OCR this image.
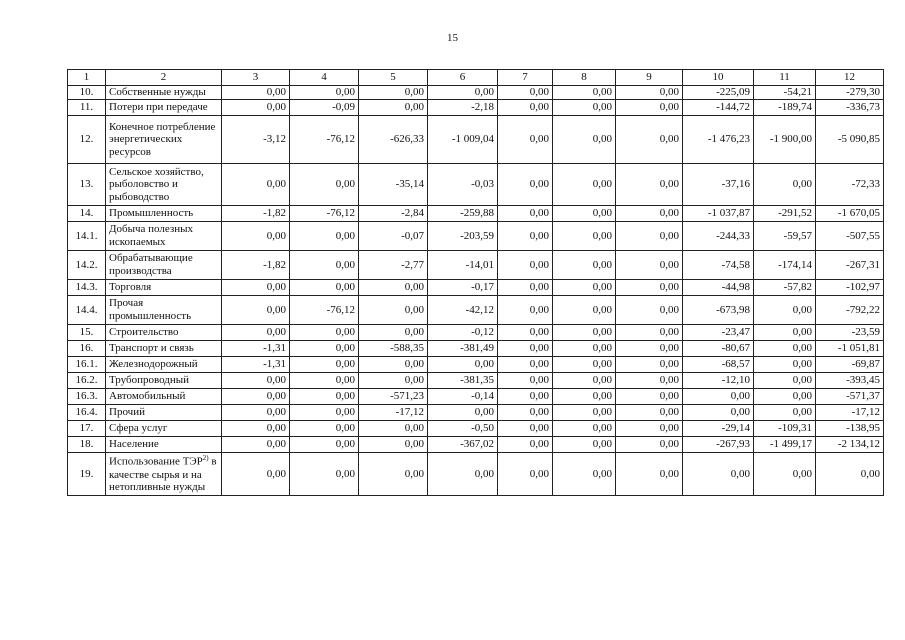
15
1	2	3	4	5	6	7	8	9	10	11	12
10.	Собственные нужды	0,00	0,00	0,00	0,00	0,00	0,00	0,00	-225,09	-54,21	-279,30
11.	Потери при передаче	0,00	-0,09	0,00	-2,18	0,00	0,00	0,00	-144,72	-189,74	-336,73
12.	Конечное потребление энергетических ресурсов	-3,12	-76,12	-626,33	-1 009,04	0,00	0,00	0,00	-1 476,23	-1 900,00	-5 090,85
13.	Сельское хозяйство, рыболовство и рыбоводство	0,00	0,00	-35,14	-0,03	0,00	0,00	0,00	-37,16	0,00	-72,33
14.	Промышленность	-1,82	-76,12	-2,84	-259,88	0,00	0,00	0,00	-1 037,87	-291,52	-1 670,05
14.1.	Добыча полезных ископаемых	0,00	0,00	-0,07	-203,59	0,00	0,00	0,00	-244,33	-59,57	-507,55
14.2.	Обрабатывающие производства	-1,82	0,00	-2,77	-14,01	0,00	0,00	0,00	-74,58	-174,14	-267,31
14.3.	Торговля	0,00	0,00	0,00	-0,17	0,00	0,00	0,00	-44,98	-57,82	-102,97
14.4.	Прочая промышленность	0,00	-76,12	0,00	-42,12	0,00	0,00	0,00	-673,98	0,00	-792,22
15.	Строительство	0,00	0,00	0,00	-0,12	0,00	0,00	0,00	-23,47	0,00	-23,59
16.	Транспорт и связь	-1,31	0,00	-588,35	-381,49	0,00	0,00	0,00	-80,67	0,00	-1 051,81
16.1.	Железнодорожный	-1,31	0,00	0,00	0,00	0,00	0,00	0,00	-68,57	0,00	-69,87
16.2.	Трубопроводный	0,00	0,00	0,00	-381,35	0,00	0,00	0,00	-12,10	0,00	-393,45
16.3.	Автомобильный	0,00	0,00	-571,23	-0,14	0,00	0,00	0,00	0,00	0,00	-571,37
16.4.	Прочий	0,00	0,00	-17,12	0,00	0,00	0,00	0,00	0,00	0,00	-17,12
17.	Сфера услуг	0,00	0,00	0,00	-0,50	0,00	0,00	0,00	-29,14	-109,31	-138,95
18.	Население	0,00	0,00	0,00	-367,02	0,00	0,00	0,00	-267,93	-1 499,17	-2 134,12
19.	Использование ТЭР$^{2)}$ в качестве сырья и на нетопливные нужды	0,00	0,00	0,00	0,00	0,00	0,00	0,00	0,00	0,00	0,00
